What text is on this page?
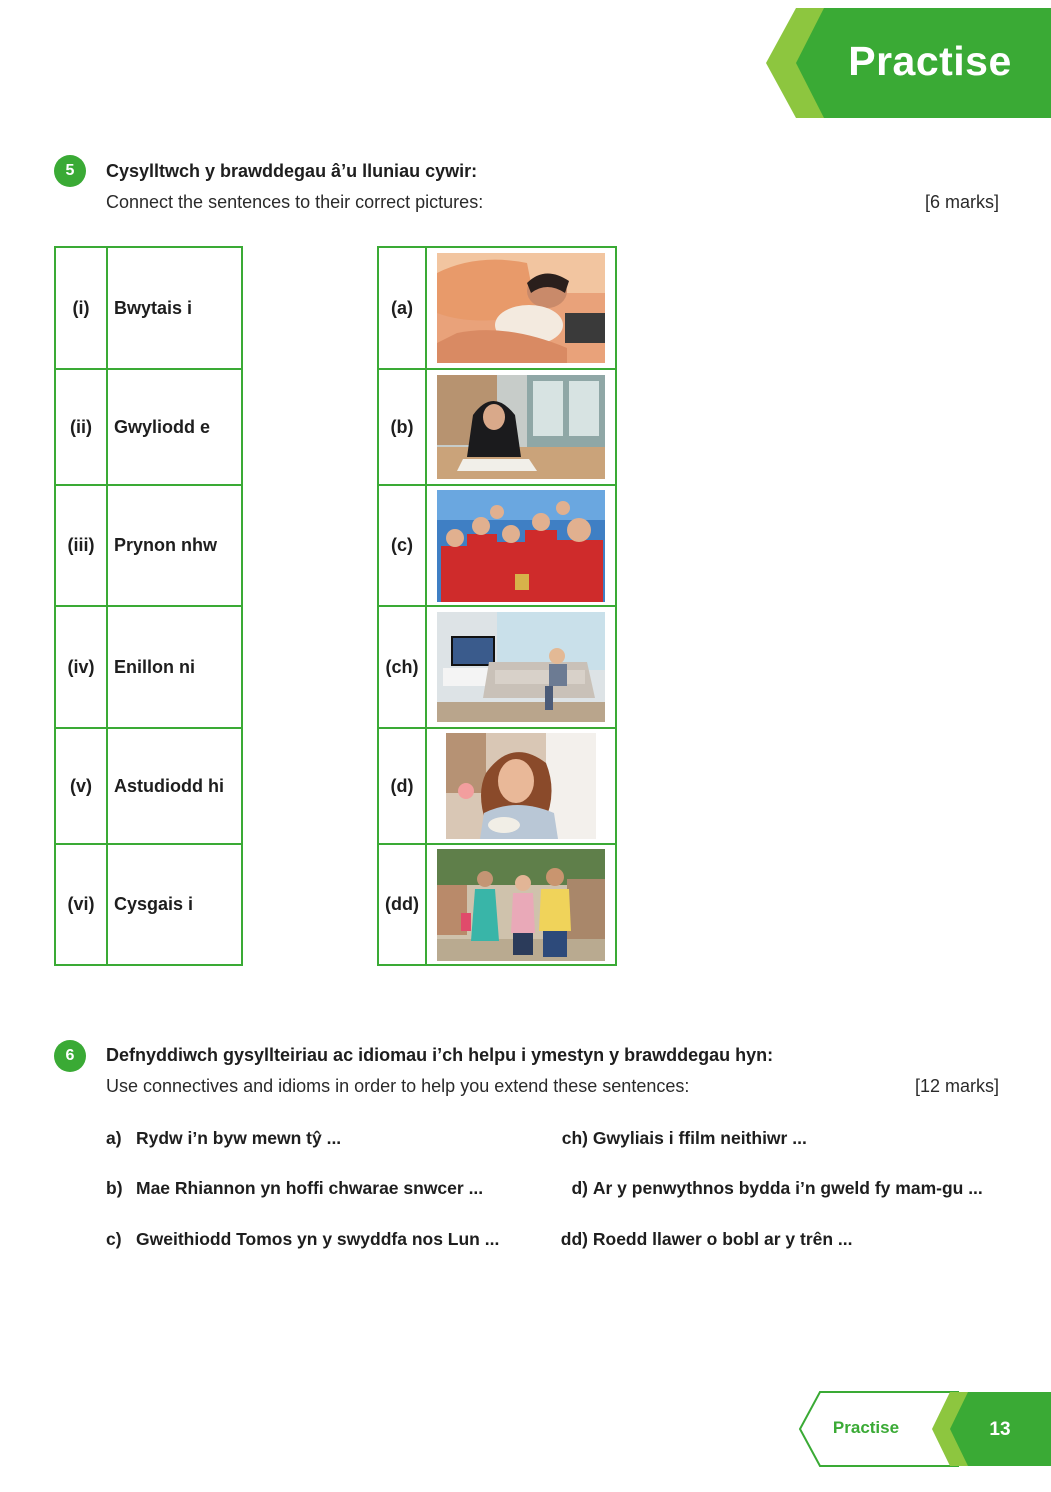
Practise
5	Cysylltwch y brawddegau â’u lluniau cywir:
Connect the sentences to their correct pictures:	[6 marks]
(i)	Bwytais i
(ii)	Gwyliodd e
(iii)	Prynon nhw
(iv)	Enillon ni
(v)	Astudiodd hi
(vi)	Cysgais i
(a)	
(b)	
(c)	
(ch)	
(d)	
(dd)	
6	Defnyddiwch gysyllteiriau ac idiomau i’ch helpu i ymestyn y brawddegau hyn:
Use connectives and idioms in order to help you extend these sentences:	[12 marks]
a) Rydw i’n byw mewn tŷ ...
b) Mae Rhiannon yn hoffi chwarae snwcer ...
c) Gweithiodd Tomos yn y swyddfa nos Lun ...
ch) Gwyliais i ffilm neithiwr ...
d) Ar y penwythnos bydda i’n gweld fy mam-gu ...
dd) Roedd llawer o bobl ar y trên ...
Practise	13
